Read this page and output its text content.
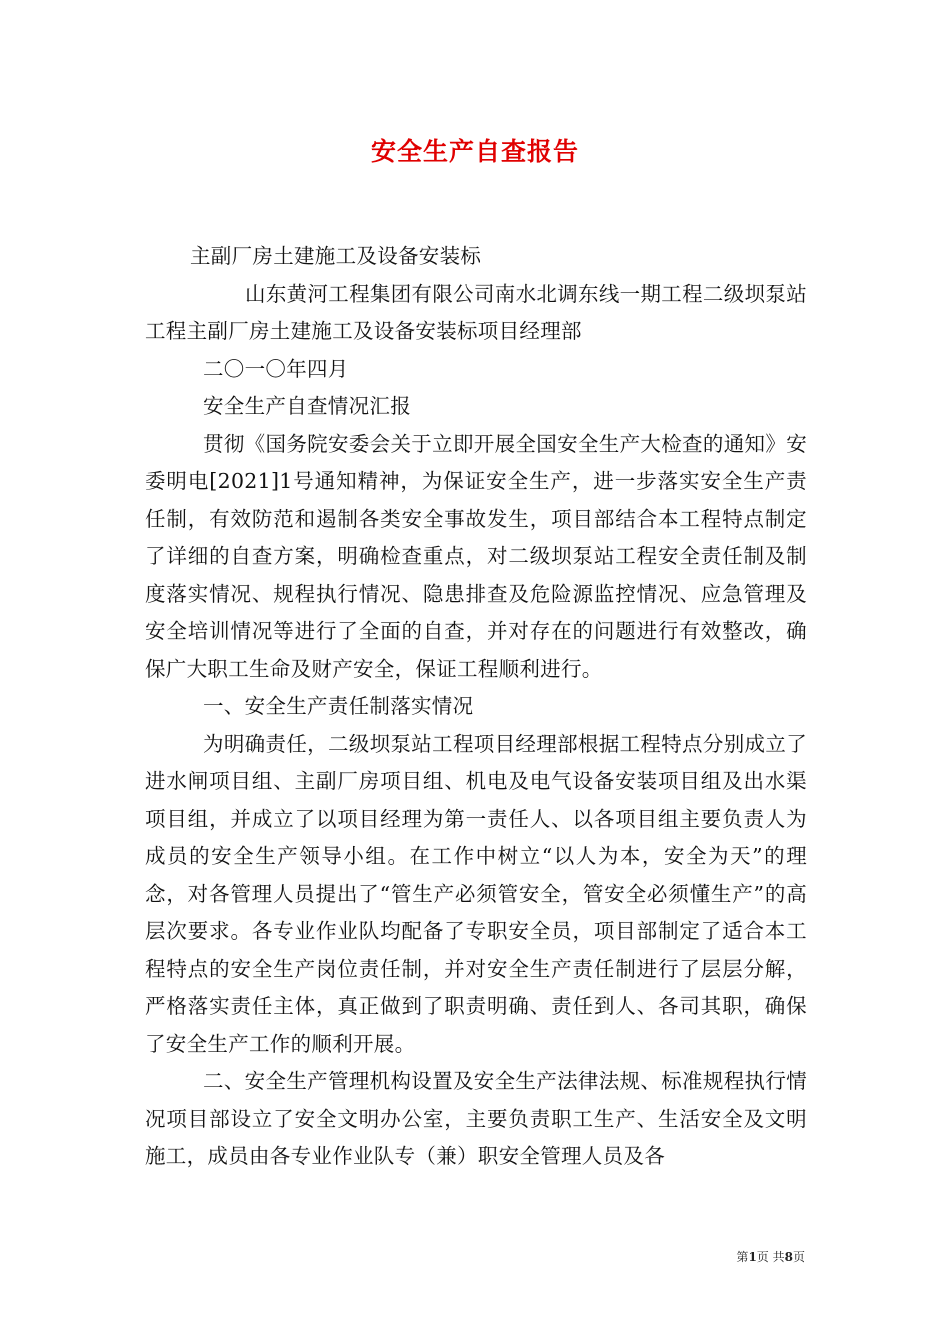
安全生产自查报告

主副厂房土建施工及设备安装标

山东黄河工程集团有限公司南水北调东线一期工程二级坝泵站工程主副厂房土建施工及设备安装标项目经理部

二〇一〇年四月

安全生产自查情况汇报

贯彻《国务院安委会关于立即开展全国安全生产大检查的通知》安委明电[2021]1号通知精神，为保证安全生产，进一步落实安全生产责任制，有效防范和遏制各类安全事故发生，项目部结合本工程特点制定了详细的自查方案，明确检查重点，对二级坝泵站工程安全责任制及制度落实情况、规程执行情况、隐患排查及危险源监控情况、应急管理及安全培训情况等进行了全面的自查，并对存在的问题进行有效整改，确保广大职工生命及财产安全，保证工程顺利进行。

一、安全生产责任制落实情况

为明确责任，二级坝泵站工程项目经理部根据工程特点分别成立了进水闸项目组、主副厂房项目组、机电及电气设备安装项目组及出水渠项目组，并成立了以项目经理为第一责任人、以各项目组主要负责人为成员的安全生产领导小组。在工作中树立“以人为本，安全为天”的理念，对各管理人员提出了“管生产必须管安全，管安全必须懂生产”的高层次要求。各专业作业队均配备了专职安全员，项目部制定了适合本工程特点的安全生产岗位责任制，并对安全生产责任制进行了层层分解，严格落实责任主体，真正做到了职责明确、责任到人、各司其职，确保了安全生产工作的顺利开展。

二、安全生产管理机构设置及安全生产法律法规、标准规程执行情况项目部设立了安全文明办公室，主要负责职工生产、生活安全及文明施工，成员由各专业作业队专（兼）职安全管理人员及各

第1页 共8页
